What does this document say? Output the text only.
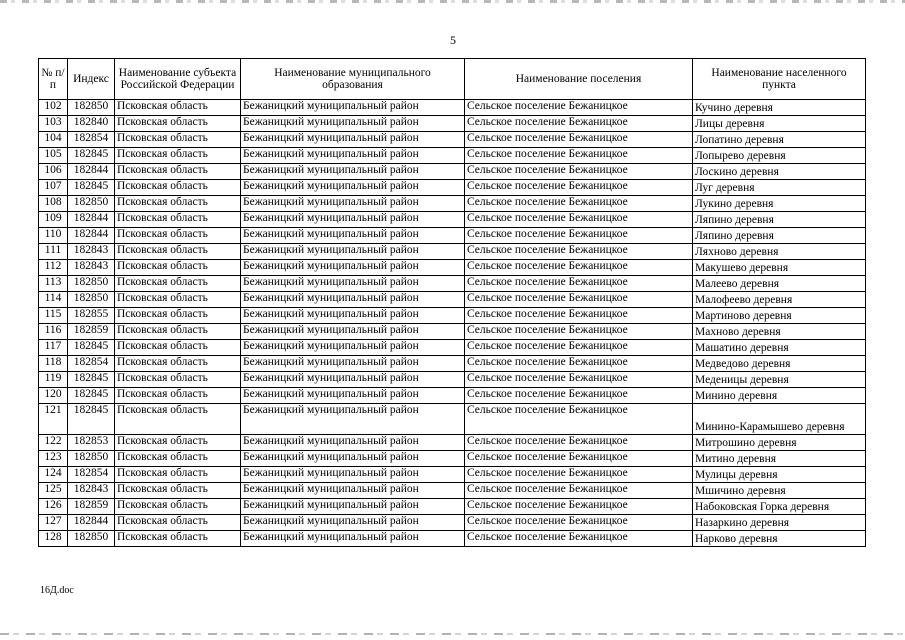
5
№ п/п	Индекс	Наименование субъекта Российской Федерации	Наименование муниципального образования	Наименование поселения	Наименование населенного пункта
102	182850	Псковская область	Бежаницкий муниципальный район	Сельское поселение Бежаницкое	Кучино деревня
103	182840	Псковская область	Бежаницкий муниципальный район	Сельское поселение Бежаницкое	Лицы деревня
104	182854	Псковская область	Бежаницкий муниципальный район	Сельское поселение Бежаницкое	Лопатино деревня
105	182845	Псковская область	Бежаницкий муниципальный район	Сельское поселение Бежаницкое	Лопырево деревня
106	182844	Псковская область	Бежаницкий муниципальный район	Сельское поселение Бежаницкое	Лоскино деревня
107	182845	Псковская область	Бежаницкий муниципальный район	Сельское поселение Бежаницкое	Луг деревня
108	182850	Псковская область	Бежаницкий муниципальный район	Сельское поселение Бежаницкое	Лукино деревня
109	182844	Псковская область	Бежаницкий муниципальный район	Сельское поселение Бежаницкое	Ляпино деревня
110	182844	Псковская область	Бежаницкий муниципальный район	Сельское поселение Бежаницкое	Ляпино деревня
111	182843	Псковская область	Бежаницкий муниципальный район	Сельское поселение Бежаницкое	Ляхново деревня
112	182843	Псковская область	Бежаницкий муниципальный район	Сельское поселение Бежаницкое	Макушево деревня
113	182850	Псковская область	Бежаницкий муниципальный район	Сельское поселение Бежаницкое	Малеево деревня
114	182850	Псковская область	Бежаницкий муниципальный район	Сельское поселение Бежаницкое	Малофеево деревня
115	182855	Псковская область	Бежаницкий муниципальный район	Сельское поселение Бежаницкое	Мартиново деревня
116	182859	Псковская область	Бежаницкий муниципальный район	Сельское поселение Бежаницкое	Махново деревня
117	182845	Псковская область	Бежаницкий муниципальный район	Сельское поселение Бежаницкое	Машатино деревня
118	182854	Псковская область	Бежаницкий муниципальный район	Сельское поселение Бежаницкое	Медведово деревня
119	182845	Псковская область	Бежаницкий муниципальный район	Сельское поселение Бежаницкое	Меденицы деревня
120	182845	Псковская область	Бежаницкий муниципальный район	Сельское поселение Бежаницкое	Минино деревня
121	182845	Псковская область	Бежаницкий муниципальный район	Сельское поселение Бежаницкое	Минино-Карамышево деревня
122	182853	Псковская область	Бежаницкий муниципальный район	Сельское поселение Бежаницкое	Митрошино деревня
123	182850	Псковская область	Бежаницкий муниципальный район	Сельское поселение Бежаницкое	Митино деревня
124	182854	Псковская область	Бежаницкий муниципальный район	Сельское поселение Бежаницкое	Мулицы деревня
125	182843	Псковская область	Бежаницкий муниципальный район	Сельское поселение Бежаницкое	Мшичино деревня
126	182859	Псковская область	Бежаницкий муниципальный район	Сельское поселение Бежаницкое	Набоковская Горка деревня
127	182844	Псковская область	Бежаницкий муниципальный район	Сельское поселение Бежаницкое	Назаркино деревня
128	182850	Псковская область	Бежаницкий муниципальный район	Сельское поселение Бежаницкое	Нарково деревня
16Д.doc
